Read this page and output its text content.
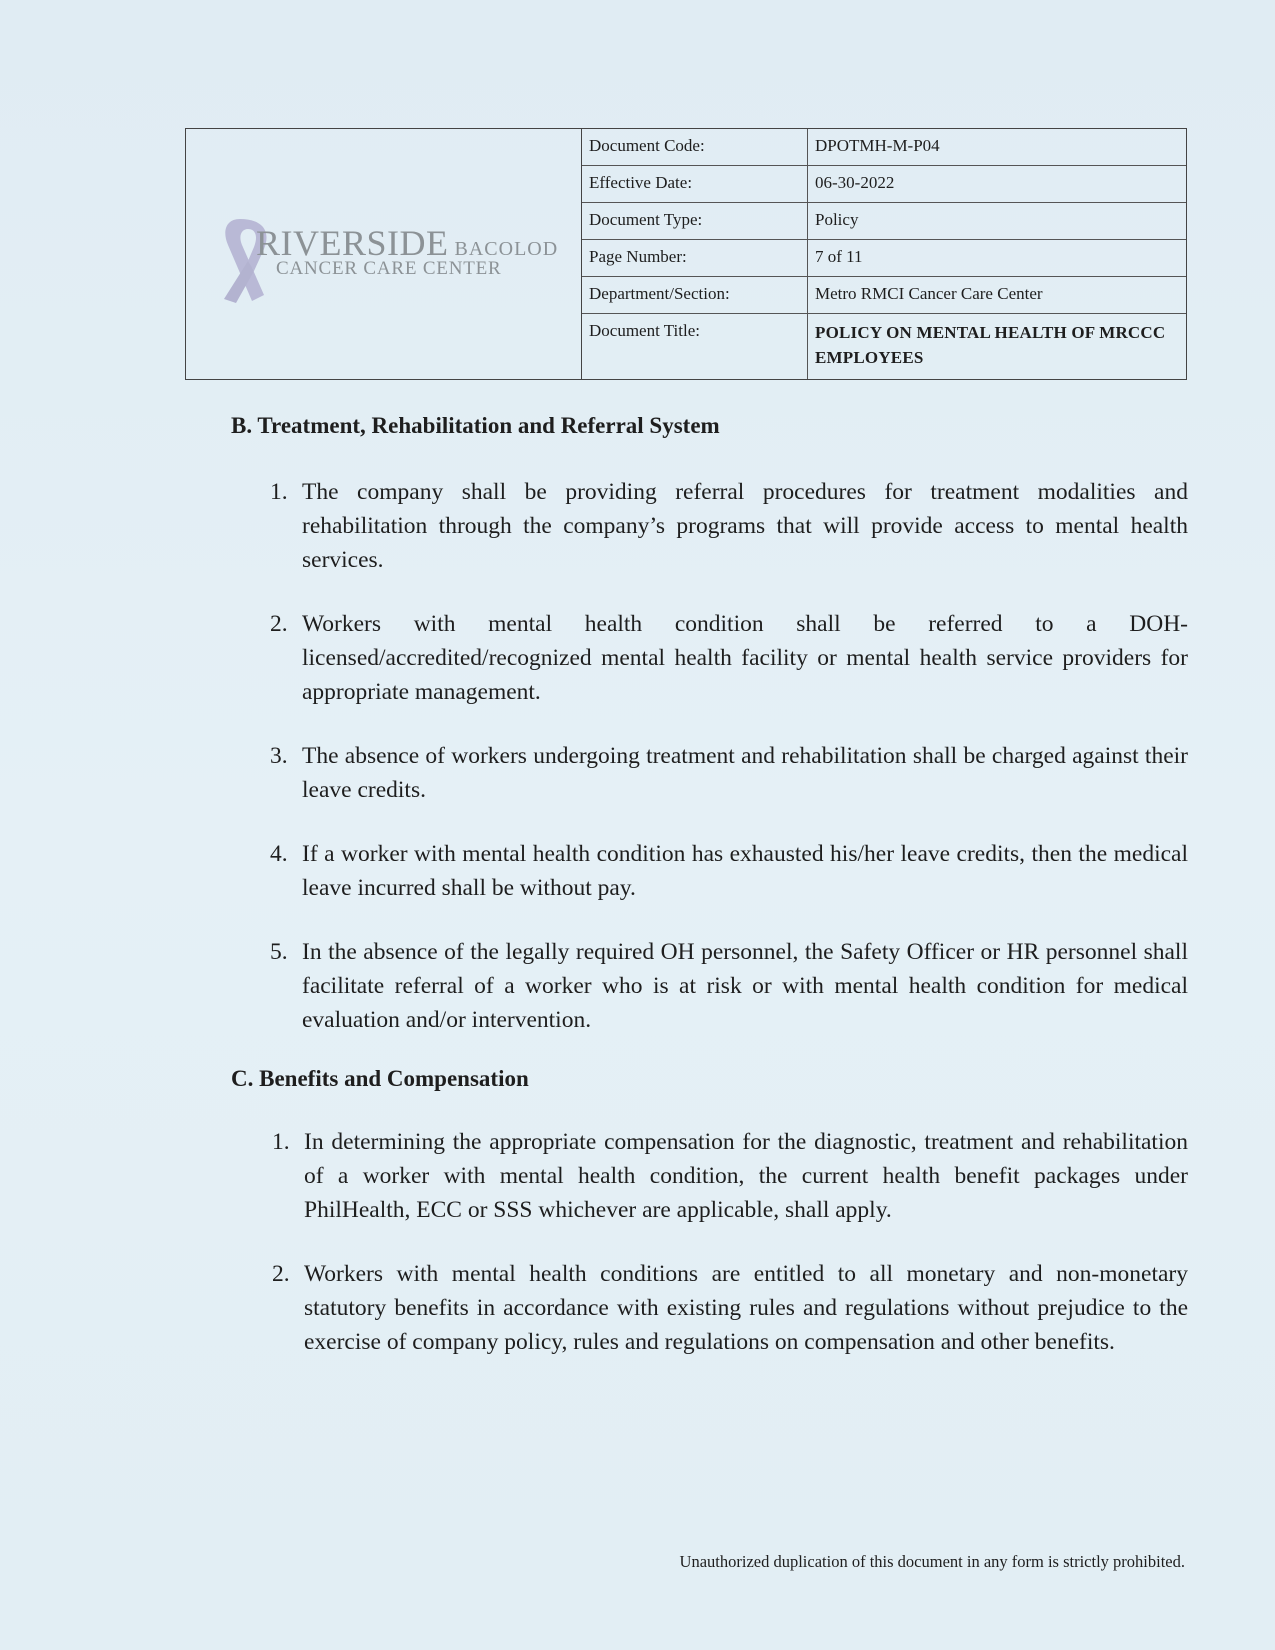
RIVERSIDE BACOLOD
CANCER CARE CENTER
Document Code:	DPOTMH-M-P04
Effective Date:	06-30-2022
Document Type:	Policy
Page Number:	7 of 11
Department/Section:	Metro RMCI Cancer Care Center
Document Title:	POLICY ON MENTAL HEALTH OF MRCCC EMPLOYEES
B. Treatment, Rehabilitation and Referral System
1. The company shall be providing referral procedures for treatment modalities and rehabilitation through the company’s programs that will provide access to mental health services.
2. Workers with mental health condition shall be referred to a DOH-licensed/accredited/recognized mental health facility or mental health service providers for appropriate management.
3. The absence of workers undergoing treatment and rehabilitation shall be charged against their leave credits.
4. If a worker with mental health condition has exhausted his/her leave credits, then the medical leave incurred shall be without pay.
5. In the absence of the legally required OH personnel, the Safety Officer or HR personnel shall facilitate referral of a worker who is at risk or with mental health condition for medical evaluation and/or intervention.
C. Benefits and Compensation
1. In determining the appropriate compensation for the diagnostic, treatment and rehabilitation of a worker with mental health condition, the current health benefit packages under PhilHealth, ECC or SSS whichever are applicable, shall apply.
2. Workers with mental health conditions are entitled to all monetary and non-monetary statutory benefits in accordance with existing rules and regulations without prejudice to the exercise of company policy, rules and regulations on compensation and other benefits.
Unauthorized duplication of this document in any form is strictly prohibited.
